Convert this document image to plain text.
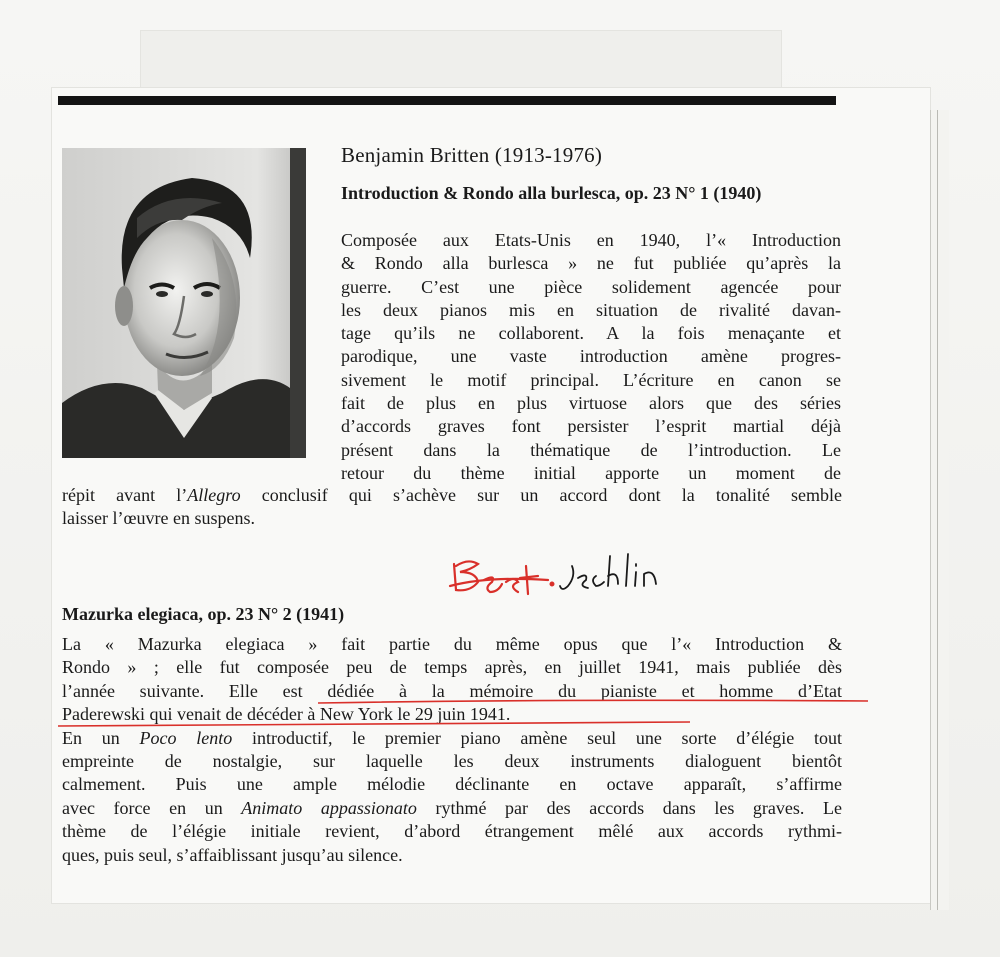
Benjamin Britten (1913-1976)
Introduction & Rondo alla burlesca, op. 23 N° 1 (1940)
Composée aux Etats-Unis en 1940, l’« Introduction
& Rondo alla burlesca » ne fut publiée qu’après la
guerre. C’est une pièce solidement agencée pour
les deux pianos mis en situation de rivalité davan-
tage qu’ils ne collaborent. A la fois menaçante et
parodique, une vaste introduction amène progres-
sivement le motif principal. L’écriture en canon se
fait de plus en plus virtuose alors que des séries
d’accords graves font persister l’esprit martial déjà
présent dans la thématique de l’introduction. Le
retour du thème initial apporte un moment de
répit avant l’Allegro conclusif qui s’achève sur un accord dont la tonalité semble
laisser l’œuvre en suspens.
Mazurka elegiaca, op. 23 N° 2 (1941)
La « Mazurka elegiaca » fait partie du même opus que l’« Introduction &
Rondo » ; elle fut composée peu de temps après, en juillet 1941, mais publiée dès
l’année suivante. Elle est dédiée à la mémoire du pianiste et homme d’Etat
Paderewski qui venait de décéder à New York le 29 juin 1941.
En un Poco lento introductif, le premier piano amène seul une sorte d’élégie tout
empreinte de nostalgie, sur laquelle les deux instruments dialoguent bientôt
calmement. Puis une ample mélodie déclinante en octave apparaît, s’affirme
avec force en un Animato appassionato rythmé par des accords dans les graves. Le
thème de l’élégie initiale revient, d’abord étrangement mêlé aux accords rythmi-
ques, puis seul, s’affaiblissant jusqu’au silence.
